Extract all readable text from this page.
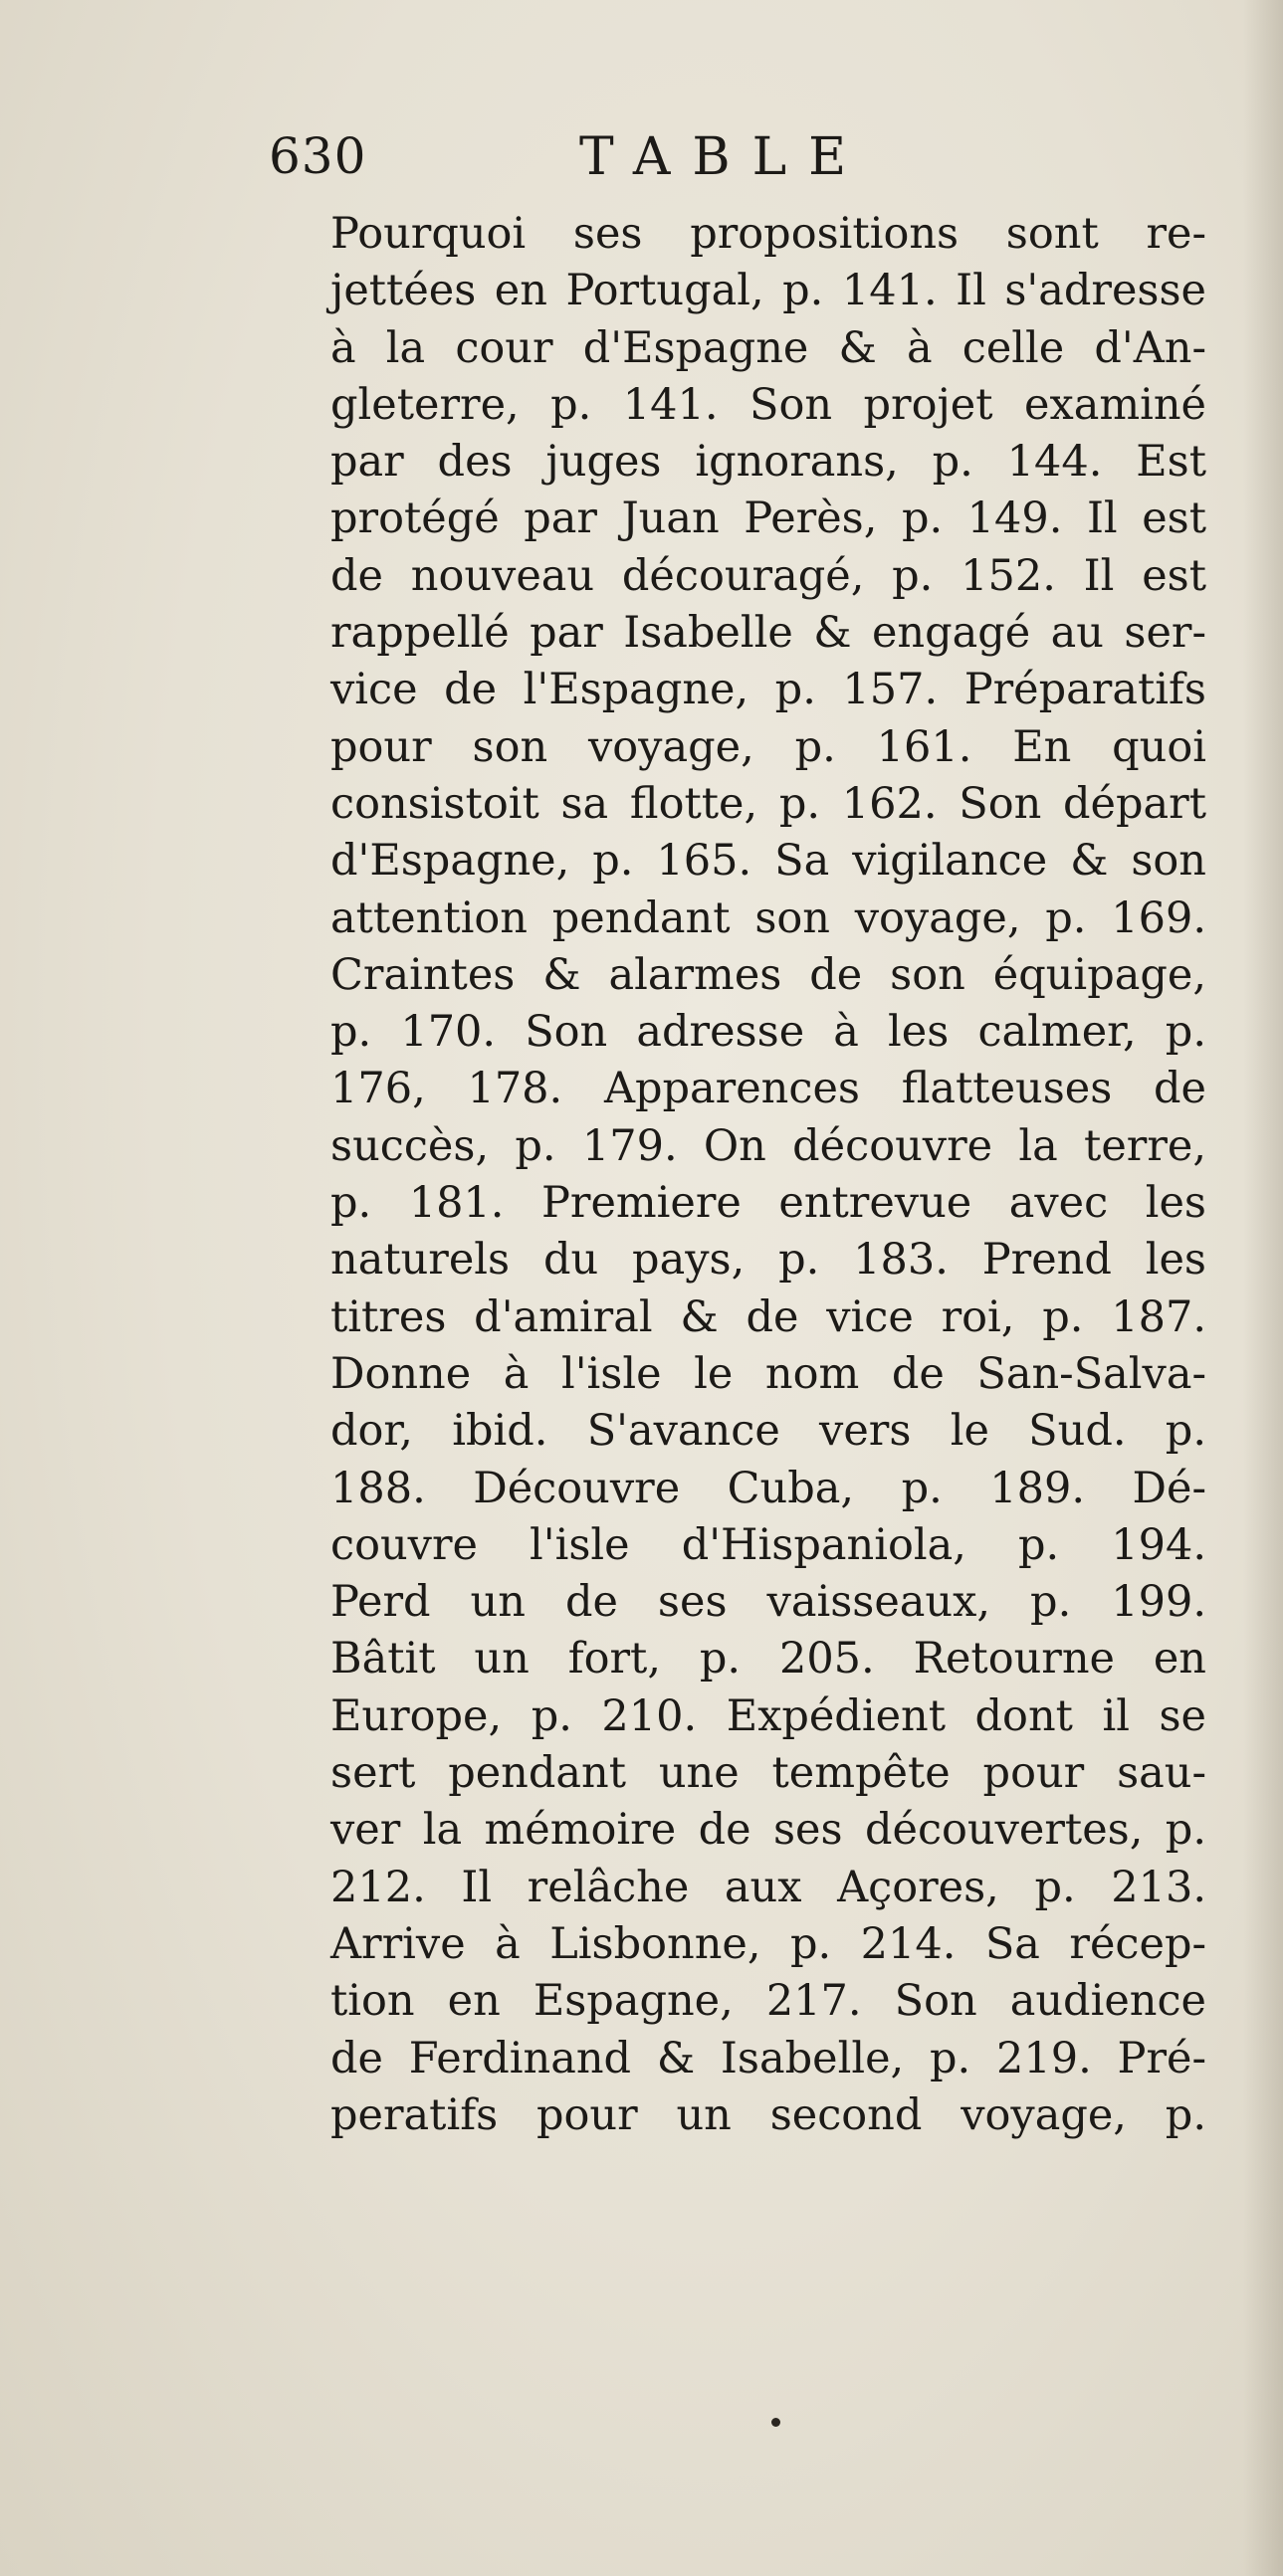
630	TABLE
Pourquoi ses propositions sont re-
jettées en Portugal, p. 141. Il s'adresse
à la cour d'Espagne & à celle d'An-
gleterre, p. 141. Son projet examiné
par des juges ignorans, p. 144. Est
protégé par Juan Perès, p. 149. Il est
de nouveau découragé, p. 152. Il est
rappellé par Isabelle & engagé au ser-
vice de l'Espagne, p. 157. Préparatifs
pour son voyage, p. 161. En quoi
consistoit sa flotte, p. 162. Son départ
d'Espagne, p. 165. Sa vigilance & son
attention pendant son voyage, p. 169.
Craintes & alarmes de son équipage,
p. 170. Son adresse à les calmer, p.
176, 178. Apparences flatteuses de
succès, p. 179. On découvre la terre,
p. 181. Premiere entrevue avec les
naturels du pays, p. 183. Prend les
titres d'amiral & de vice roi, p. 187.
Donne à l'isle le nom de San-Salva-
dor, ibid. S'avance vers le Sud. p.
188. Découvre Cuba, p. 189. Dé-
couvre l'isle d'Hispaniola, p. 194.
Perd un de ses vaisseaux, p. 199.
Bâtit un fort, p. 205. Retourne en
Europe, p. 210. Expédient dont il se
sert pendant une tempête pour sau-
ver la mémoire de ses découvertes, p.
212. Il relâche aux Açores, p. 213.
Arrive à Lisbonne, p. 214. Sa récep-
tion en Espagne, 217. Son audience
de Ferdinand & Isabelle, p. 219. Pré-
peratifs pour un second voyage, p.
